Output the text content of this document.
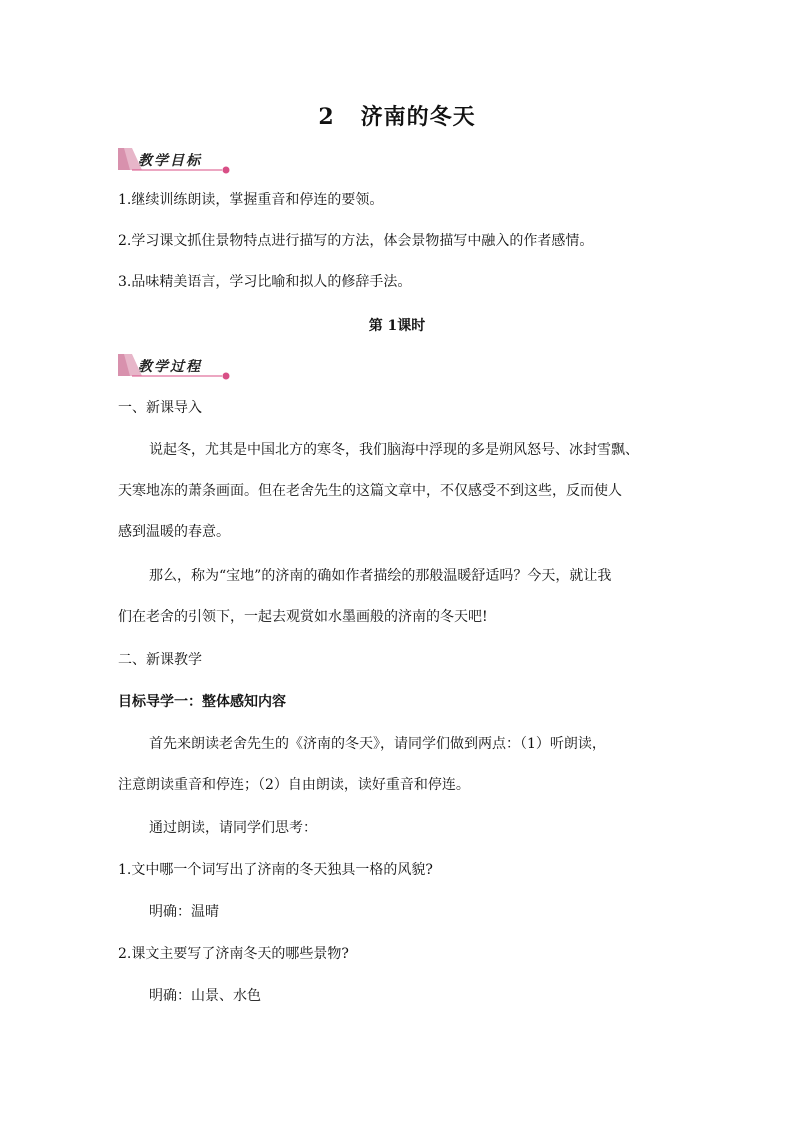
2 济南的冬天
教学目标
1.继续训练朗读，掌握重音和停连的要领。
2.学习课文抓住景物特点进行描写的方法，体会景物描写中融入的作者感情。
3.品味精美语言，学习比喻和拟人的修辞手法。
第 1课时
教学过程
一、新课导入
说起冬，尤其是中国北方的寒冬，我们脑海中浮现的多是朔风怒号、冰封雪飘、
天寒地冻的萧条画面。但在老舍先生的这篇文章中，不仅感受不到这些，反而使人
感到温暖的春意。
那么，称为“宝地”的济南的确如作者描绘的那般温暖舒适吗？今天，就让我
们在老舍的引领下，一起去观赏如水墨画般的济南的冬天吧!
二、新课教学
目标导学一：整体感知内容
首先来朗读老舍先生的《济南的冬天》，请同学们做到两点：（1）听朗读，
注意朗读重音和停连；（2）自由朗读，读好重音和停连。
通过朗读，请同学们思考：
1.文中哪一个词写出了济南的冬天独具一格的风貌?
明确：温晴
2.课文主要写了济南冬天的哪些景物?
明确：山景、水色
